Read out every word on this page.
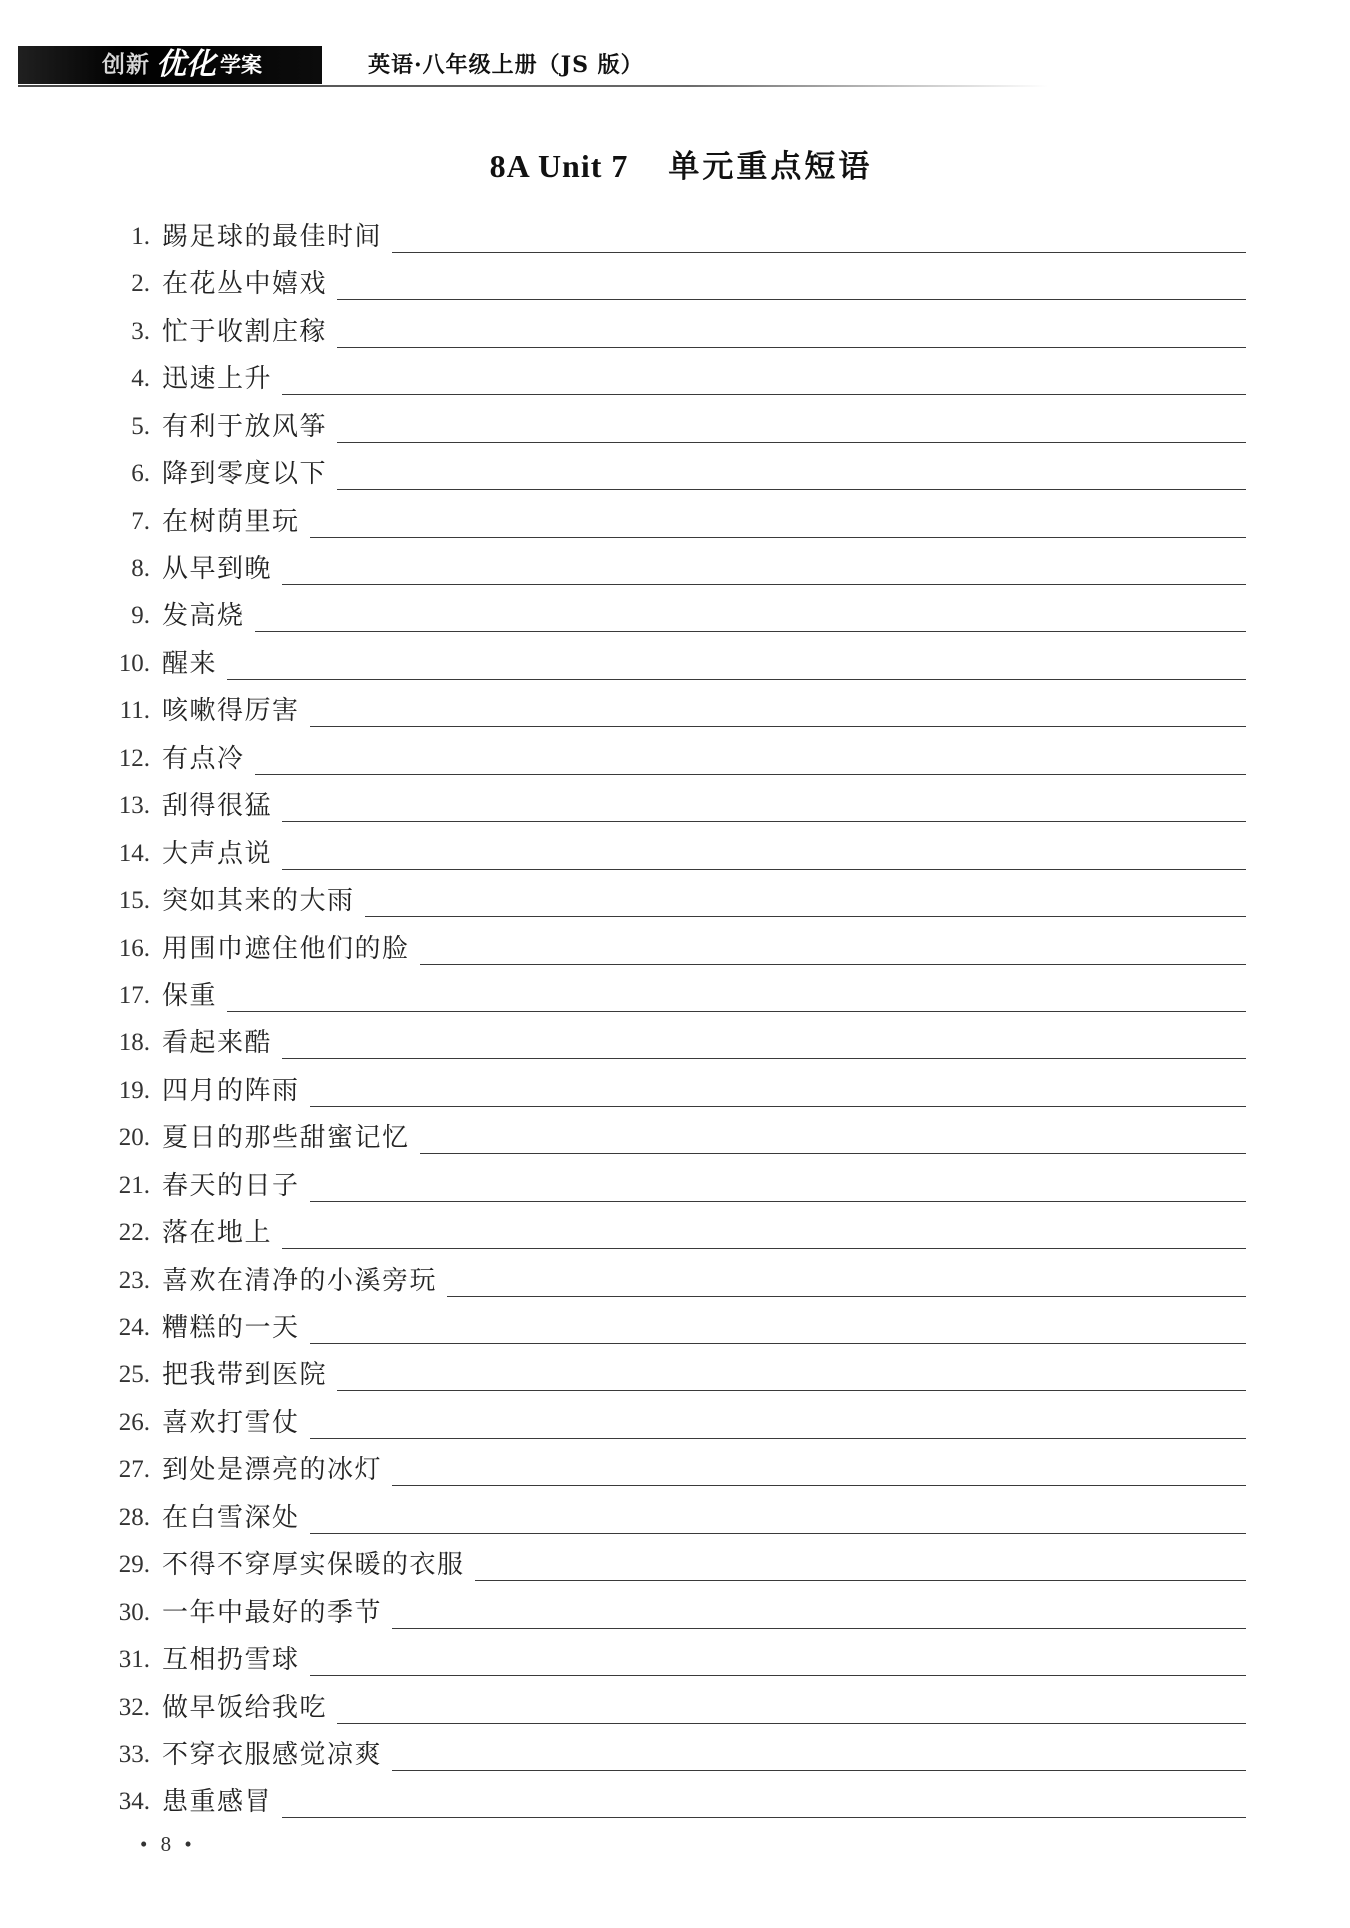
创新 优化 学案	英语·八年级上册（JS 版）
8A Unit 7 单元重点短语
1. 踢足球的最佳时间
2. 在花丛中嬉戏
3. 忙于收割庄稼
4. 迅速上升
5. 有利于放风筝
6. 降到零度以下
7. 在树荫里玩
8. 从早到晚
9. 发高烧
10. 醒来
11. 咳嗽得厉害
12. 有点冷
13. 刮得很猛
14. 大声点说
15. 突如其来的大雨
16. 用围巾遮住他们的脸
17. 保重
18. 看起来酷
19. 四月的阵雨
20. 夏日的那些甜蜜记忆
21. 春天的日子
22. 落在地上
23. 喜欢在清净的小溪旁玩
24. 糟糕的一天
25. 把我带到医院
26. 喜欢打雪仗
27. 到处是漂亮的冰灯
28. 在白雪深处
29. 不得不穿厚实保暖的衣服
30. 一年中最好的季节
31. 互相扔雪球
32. 做早饭给我吃
33. 不穿衣服感觉凉爽
34. 患重感冒
• 8 •
